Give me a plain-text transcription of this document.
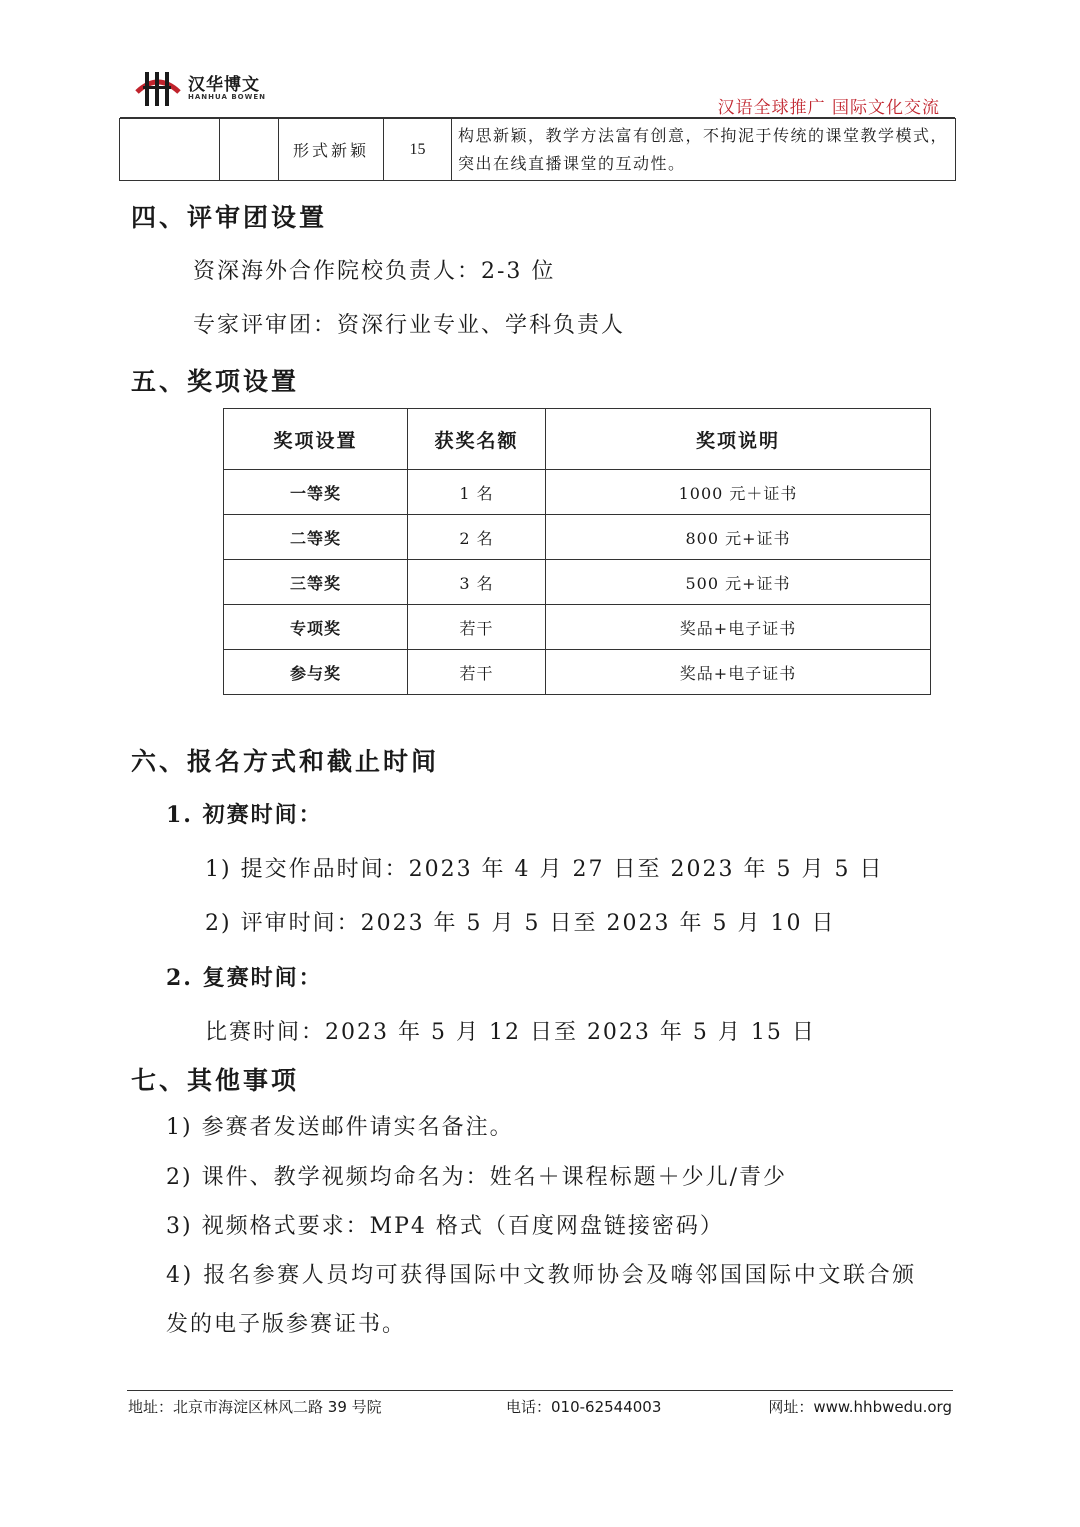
汉华博文
HANHUA BOWEN
汉语全球推广 国际文化交流
		形式新颖	15	构思新颖，教学方法富有创意，不拘泥于传统的课堂教学模式，突出在线直播课堂的互动性。
四、评审团设置
资深海外合作院校负责人：2-3 位
专家评审团：资深行业专业、学科负责人
五、奖项设置
奖项设置	获奖名额	奖项说明
一等奖	1 名	1000 元＋证书
二等奖	2 名	800 元+证书
三等奖	3 名	500 元+证书
专项奖	若干	奖品+电子证书
参与奖	若干	奖品+电子证书
六、报名方式和截止时间
1. 初赛时间：
1) 提交作品时间：2023 年 4 月 27 日至 2023 年 5 月 5 日
2) 评审时间：2023 年 5 月 5 日至 2023 年 5 月 10 日
2. 复赛时间：
比赛时间：2023 年 5 月 12 日至 2023 年 5 月 15 日
七、其他事项
1) 参赛者发送邮件请实名备注。
2) 课件、教学视频均命名为：姓名＋课程标题＋少儿/青少
3) 视频格式要求：MP4 格式（百度网盘链接密码）
4) 报名参赛人员均可获得国际中文教师协会及嗨邻国国际中文联合颁
发的电子版参赛证书。
地址：北京市海淀区林风二路 39 号院	电话：010-62544003	网址：www.hhbwedu.org
